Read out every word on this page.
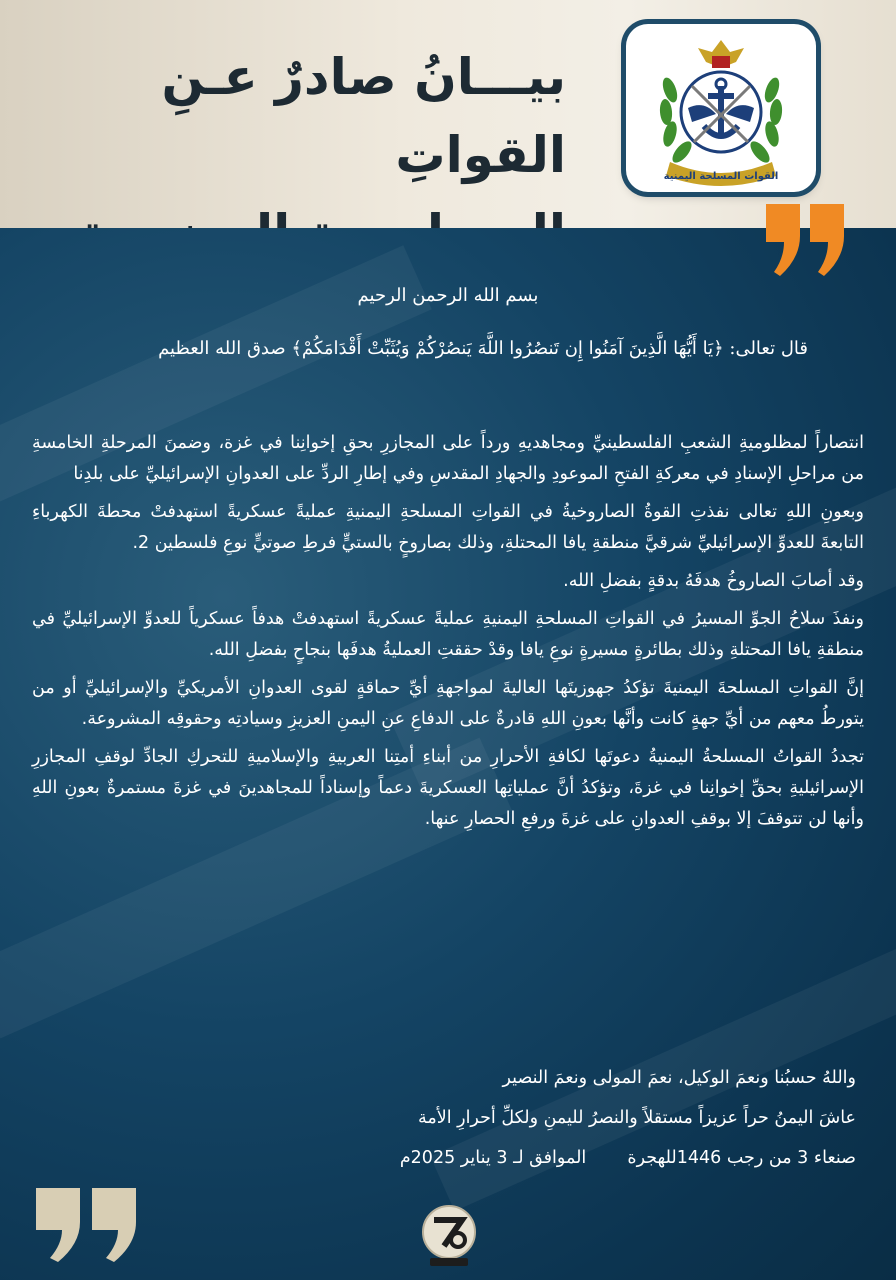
بيـــانُ صادرٌ عـنِ القواتِ	القوات المسلحة اليمنية
بسم الله الرحمن الرحيم
قال تعالى: ﴿يَا أَيُّهَا الَّذِينَ آمَنُوا إِن تَنصُرُوا اللَّهَ يَنصُرْكُمْ وَيُثَبِّتْ أَقْدَامَكُمْ﴾ صدق الله العظيم

انتصاراً لمظلوميةِ الشعبِ الفلسطينيِّ ومجاهديهِ ورداً على المجازرِ بحقِ إخوانِنا في غزة، وضمنَ المرحلةِ الخامسةِ من مراحلِ الإسنادِ في معركةِ الفتحِ الموعودِ والجهادِ المقدسِ وفي إطارِ الردِّ على العدوانِ الإسرائيليِّ على بلدِنا

وبعونِ اللهِ تعالى نفذتِ القوةُ الصاروخيةُ في القواتِ المسلحةِ اليمنيةِ عمليةً عسكريةً استهدفتْ محطةَ الكهرباءِ التابعةَ للعدوِّ الإسرائيليِّ شرقيَّ منطقةِ يافا المحتلةِ، وذلك بصاروخٍ بالستيٍّ فرطِ صوتيٍّ نوعِ فلسطين 2.

وقد أصابَ الصاروخُ هدفَهُ بدقةٍ بفضلِ الله.

ونفذَ سلاحُ الجوِّ المسيرُ في القواتِ المسلحةِ اليمنيةِ عمليةً عسكريةً استهدفتْ هدفاً عسكرياً للعدوِّ الإسرائيليِّ في منطقةِ يافا المحتلةِ وذلك بطائرةٍ مسيرةٍ نوعِ يافا وقدْ حققتِ العمليةُ هدفَها بنجاحٍ بفضلِ الله.

إنَّ القواتِ المسلحةَ اليمنيةَ تؤكدُ جهوزيتَها العاليةَ لمواجهةِ أيِّ حماقةٍ لقوى العدوانِ الأمريكيِّ والإسرائيليِّ أو من يتورطُ معهم من أيِّ جهةٍ كانت وأنَّها بعونِ اللهِ قادرةٌ على الدفاعِ عنِ اليمنِ العزيزِ وسيادتِه وحقوقِه المشروعة.

تجددُ القواتُ المسلحةُ اليمنيةُ دعوتَها لكافةِ الأحرارِ من أبناءِ أمتِنا العربيةِ والإسلاميةِ للتحركِ الجادِّ لوقفِ المجازرِ الإسرائيليةِ بحقِّ إخوانِنا في غزةَ، وتؤكدُ أنَّ عملياتِها العسكريةَ دعماً وإسناداً للمجاهدينَ في غزةَ مستمرةٌ بعونِ اللهِ وأنها لن تتوقفَ إلا بوقفِ العدوانِ على غزةَ ورفعِ الحصارِ عنها.

واللهُ حسبُنا ونعمَ الوكيل، نعمَ المولى ونعمَ النصير
عاشَ اليمنُ حراً عزيزاً مستقلاً والنصرُ لليمنِ ولكلِّ أحرارِ الأمة
صنعاء 3 من رجب 1446للهجرة  الموافق لـ 3 يناير 2025م
